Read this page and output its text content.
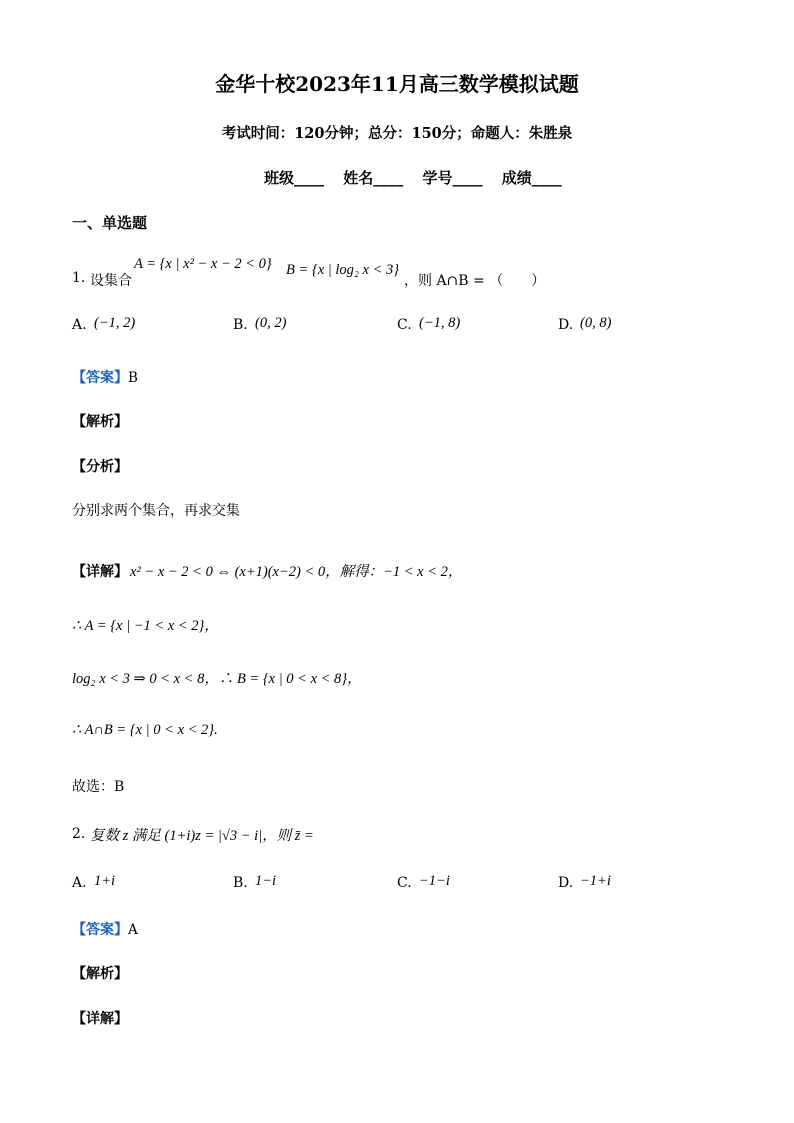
金华十校2023年11月高三数学模拟试题
考试时间：120分钟；总分：150分；命题人：朱胜泉
班级____ 姓名____ 学号____ 成绩____
一、单选题
1. 设集合
A = {x | x² − x − 2 < 0} B = {x | log₂ x < 3}
，则 A∩B = （　　）
A. (−1, 2)	B. (0, 2)	C. (−1, 8)	D. (0, 8)
【答案】B
【解析】
【分析】
分别求两个集合，再求交集
【详解】 x² − x − 2 < 0 ⇔ (x+1)(x−2) < 0，解得：−1 < x < 2，
∴ A = {x | −1 < x < 2}，
log₂ x < 3 ⇒ 0 < x < 8，∴ B = {x | 0 < x < 8}，
∴ A∩B = {x | 0 < x < 2}.
故选：B
2. 复数 z 满足 (1+i)z = |√3 − i|，则 z̄ =
A. 1+i	B. 1−i	C. −1−i	D. −1+i
【答案】A
【解析】
【详解】
